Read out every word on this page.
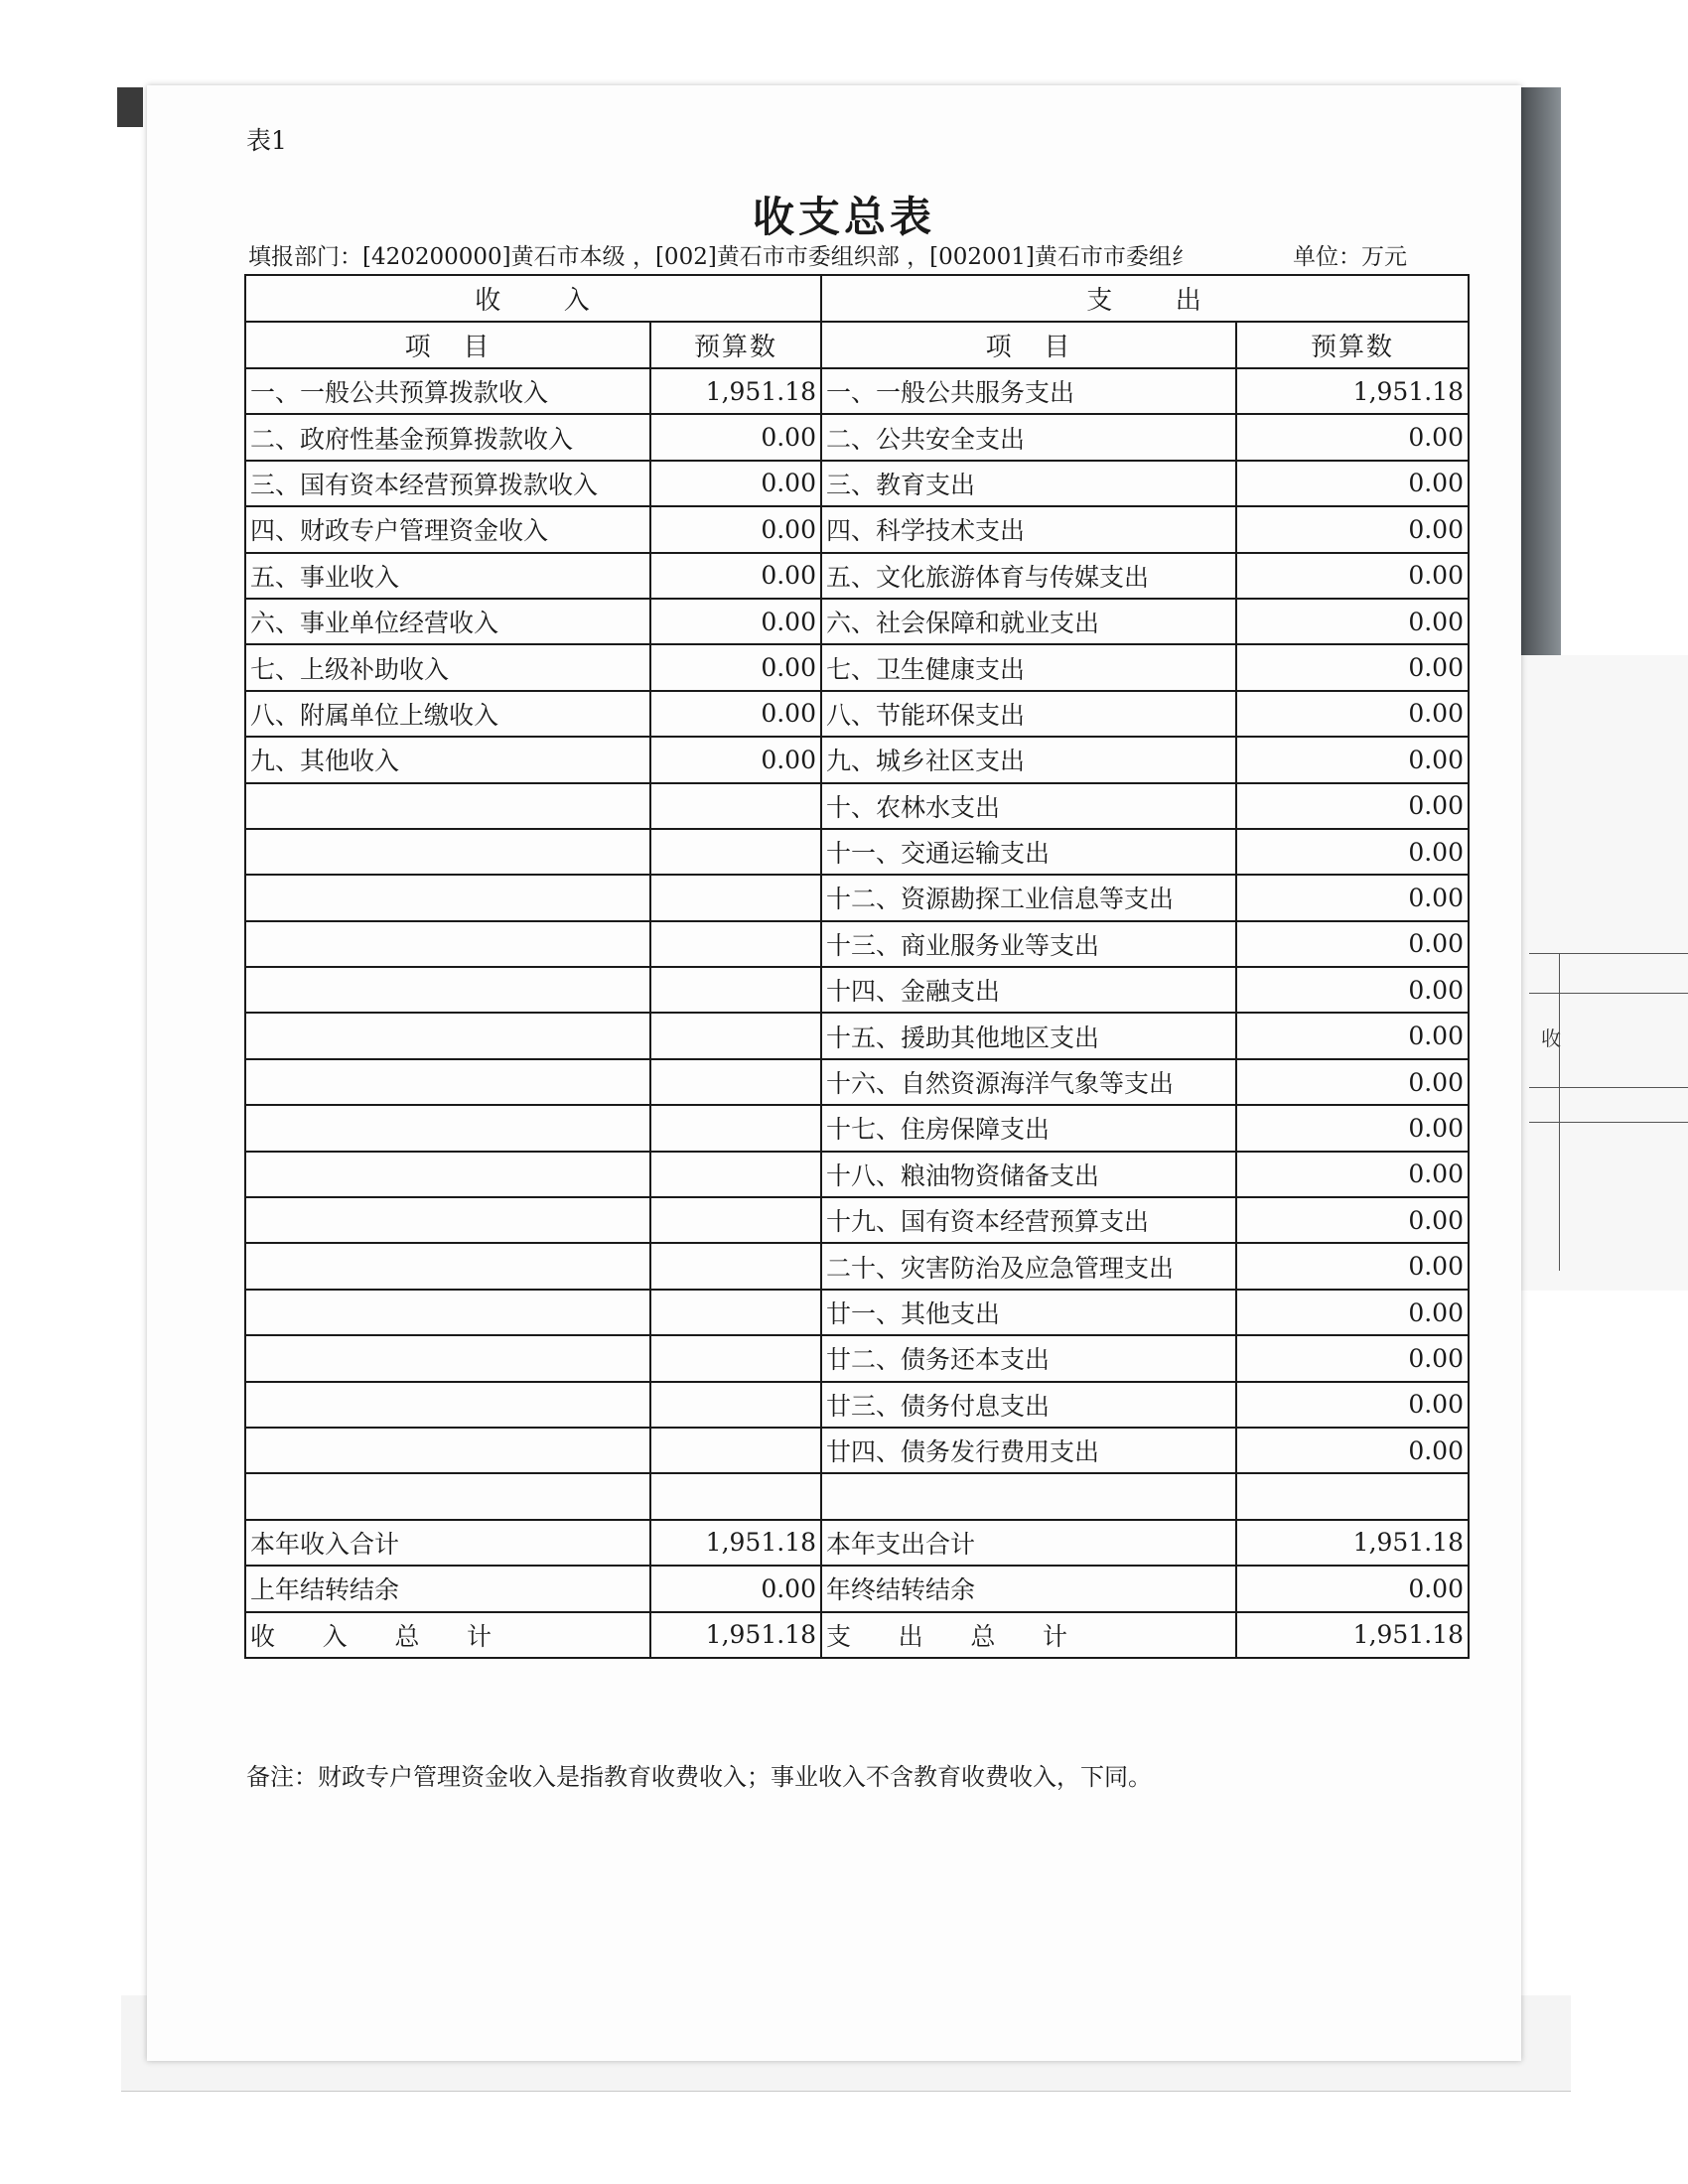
收
表1
收支总表
填报部门：[420200000]黄石市本级 ，[002]黄石市市委组织部 ，[002001]黄石市市委组纟	单位：万元
收      入		支      出	
项   目	预算数	项   目	预算数
一、一般公共预算拨款收入	1,951.18	一、一般公共服务支出	1,951.18
二、政府性基金预算拨款收入	0.00	二、公共安全支出	0.00
三、国有资本经营预算拨款收入	0.00	三、教育支出	0.00
四、财政专户管理资金收入	0.00	四、科学技术支出	0.00
五、事业收入	0.00	五、文化旅游体育与传媒支出	0.00
六、事业单位经营收入	0.00	六、社会保障和就业支出	0.00
七、上级补助收入	0.00	七、卫生健康支出	0.00
八、附属单位上缴收入	0.00	八、节能环保支出	0.00
九、其他收入	0.00	九、城乡社区支出	0.00
		十、农林水支出	0.00
		十一、交通运输支出	0.00
		十二、资源勘探工业信息等支出	0.00
		十三、商业服务业等支出	0.00
		十四、金融支出	0.00
		十五、援助其他地区支出	0.00
		十六、自然资源海洋气象等支出	0.00
		十七、住房保障支出	0.00
		十八、粮油物资储备支出	0.00
		十九、国有资本经营预算支出	0.00
		二十、灾害防治及应急管理支出	0.00
		廿一、其他支出	0.00
		廿二、债务还本支出	0.00
		廿三、债务付息支出	0.00
		廿四、债务发行费用支出	0.00

本年收入合计	1,951.18	本年支出合计	1,951.18
上年结转结余	0.00	年终结转结余	0.00
收      入      总      计	1,951.18	支      出      总      计	1,951.18
备注：财政专户管理资金收入是指教育收费收入；事业收入不含教育收费收入，下同。
